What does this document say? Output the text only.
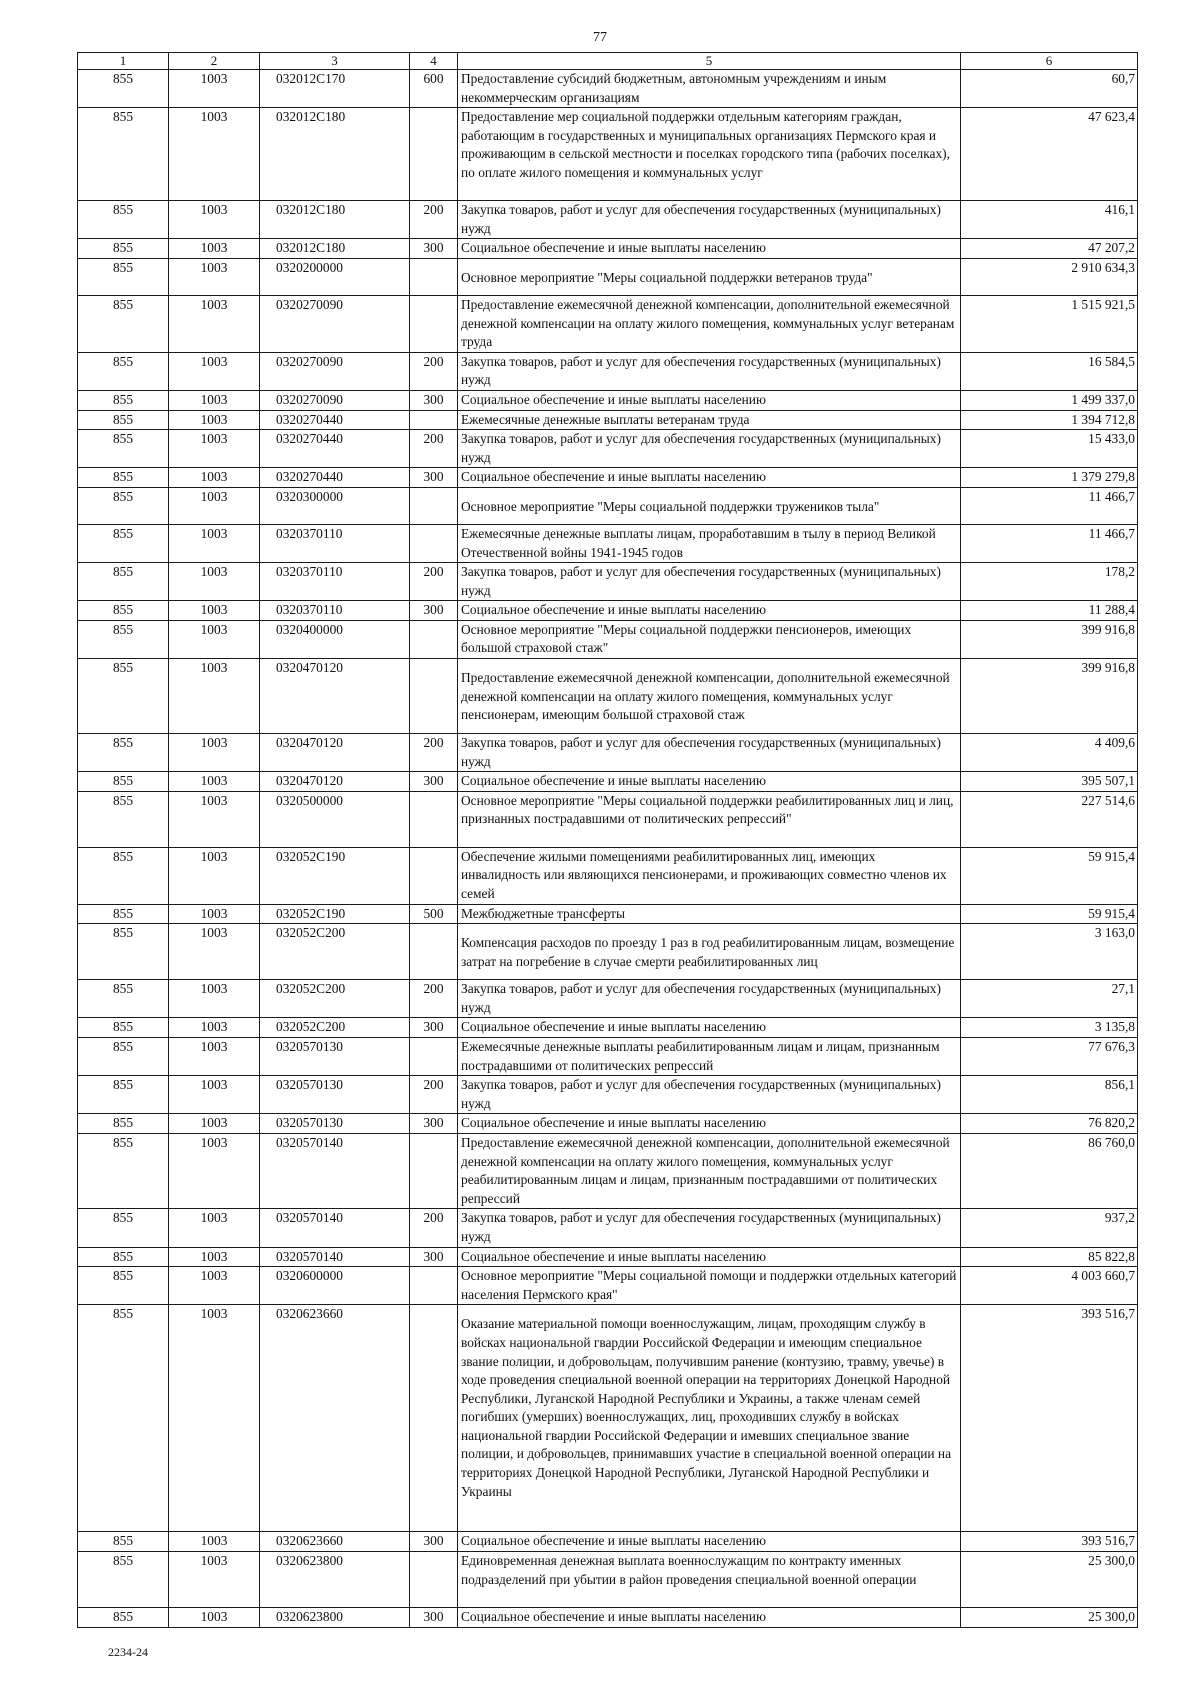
77
1	2	3	4	5	6
855	1003	032012С170	600	Предоставление субсидий бюджетным, автономным учреждениям и иным некоммерческим организациям	60,7
855	1003	032012С180		Предоставление мер социальной поддержки отдельным категориям граждан, работающим в государственных и муниципальных организациях Пермского края и проживающим в сельской местности и поселках городского типа (рабочих поселках), по оплате жилого помещения и коммунальных услуг	47 623,4
855	1003	032012С180	200	Закупка товаров, работ и услуг для обеспечения государственных (муниципальных) нужд	416,1
855	1003	032012С180	300	Социальное обеспечение и иные выплаты населению	47 207,2
855	1003	0320200000		Основное мероприятие "Меры социальной поддержки ветеранов труда"	2 910 634,3
855	1003	0320270090		Предоставление ежемесячной денежной компенсации, дополнительной ежемесячной денежной компенсации на оплату жилого помещения, коммунальных услуг ветеранам труда	1 515 921,5
855	1003	0320270090	200	Закупка товаров, работ и услуг для обеспечения государственных (муниципальных) нужд	16 584,5
855	1003	0320270090	300	Социальное обеспечение и иные выплаты населению	1 499 337,0
855	1003	0320270440		Ежемесячные денежные выплаты ветеранам труда	1 394 712,8
855	1003	0320270440	200	Закупка товаров, работ и услуг для обеспечения государственных (муниципальных) нужд	15 433,0
855	1003	0320270440	300	Социальное обеспечение и иные выплаты населению	1 379 279,8
855	1003	0320300000		Основное мероприятие "Меры социальной поддержки тружеников тыла"	11 466,7
855	1003	0320370110		Ежемесячные денежные выплаты лицам, проработавшим в тылу в период Великой Отечественной войны 1941-1945 годов	11 466,7
855	1003	0320370110	200	Закупка товаров, работ и услуг для обеспечения государственных (муниципальных) нужд	178,2
855	1003	0320370110	300	Социальное обеспечение и иные выплаты населению	11 288,4
855	1003	0320400000		Основное мероприятие "Меры социальной поддержки пенсионеров, имеющих большой страховой стаж"	399 916,8
855	1003	0320470120		Предоставление ежемесячной денежной компенсации, дополнительной ежемесячной денежной компенсации на оплату жилого помещения, коммунальных услуг пенсионерам, имеющим большой страховой стаж	399 916,8
855	1003	0320470120	200	Закупка товаров, работ и услуг для обеспечения государственных (муниципальных) нужд	4 409,6
855	1003	0320470120	300	Социальное обеспечение и иные выплаты населению	395 507,1
855	1003	0320500000		Основное мероприятие "Меры социальной поддержки реабилитированных лиц и лиц, признанных пострадавшими от политических репрессий"	227 514,6
855	1003	032052С190		Обеспечение жилыми помещениями реабилитированных лиц, имеющих инвалидность или являющихся пенсионерами, и проживающих совместно членов их семей	59 915,4
855	1003	032052С190	500	Межбюджетные трансферты	59 915,4
855	1003	032052С200		Компенсация расходов по проезду 1 раз в год реабилитированным лицам, возмещение затрат на погребение в случае смерти реабилитированных лиц	3 163,0
855	1003	032052С200	200	Закупка товаров, работ и услуг для обеспечения государственных (муниципальных) нужд	27,1
855	1003	032052С200	300	Социальное обеспечение и иные выплаты населению	3 135,8
855	1003	0320570130		Ежемесячные денежные выплаты реабилитированным лицам и лицам, признанным пострадавшими от политических репрессий	77 676,3
855	1003	0320570130	200	Закупка товаров, работ и услуг для обеспечения государственных (муниципальных) нужд	856,1
855	1003	0320570130	300	Социальное обеспечение и иные выплаты населению	76 820,2
855	1003	0320570140		Предоставление ежемесячной денежной компенсации, дополнительной ежемесячной денежной компенсации на оплату жилого помещения, коммунальных услуг реабилитированным лицам и лицам, признанным пострадавшими от политических репрессий	86 760,0
855	1003	0320570140	200	Закупка товаров, работ и услуг для обеспечения государственных (муниципальных) нужд	937,2
855	1003	0320570140	300	Социальное обеспечение и иные выплаты населению	85 822,8
855	1003	0320600000		Основное мероприятие "Меры социальной помощи и поддержки отдельных категорий населения Пермского края"	4 003 660,7
855	1003	0320623660		Оказание материальной помощи военнослужащим, лицам, проходящим службу в войсках национальной гвардии Российской Федерации и имеющим специальное звание полиции, и добровольцам, получившим ранение (контузию, травму, увечье) в ходе проведения специальной военной операции на территориях Донецкой Народной Республики, Луганской Народной Республики и Украины, а также членам семей погибших (умерших) военнослужащих, лиц, проходивших службу в войсках национальной гвардии Российской Федерации и имевших специальное звание полиции, и добровольцев, принимавших участие в специальной военной операции на территориях Донецкой Народной Республики, Луганской Народной Республики и Украины	393 516,7
855	1003	0320623660	300	Социальное обеспечение и иные выплаты населению	393 516,7
855	1003	0320623800		Единовременная денежная выплата военнослужащим по контракту именных подразделений при убытии в район проведения специальной военной операции	25 300,0
855	1003	0320623800	300	Социальное обеспечение и иные выплаты населению	25 300,0
2234-24
